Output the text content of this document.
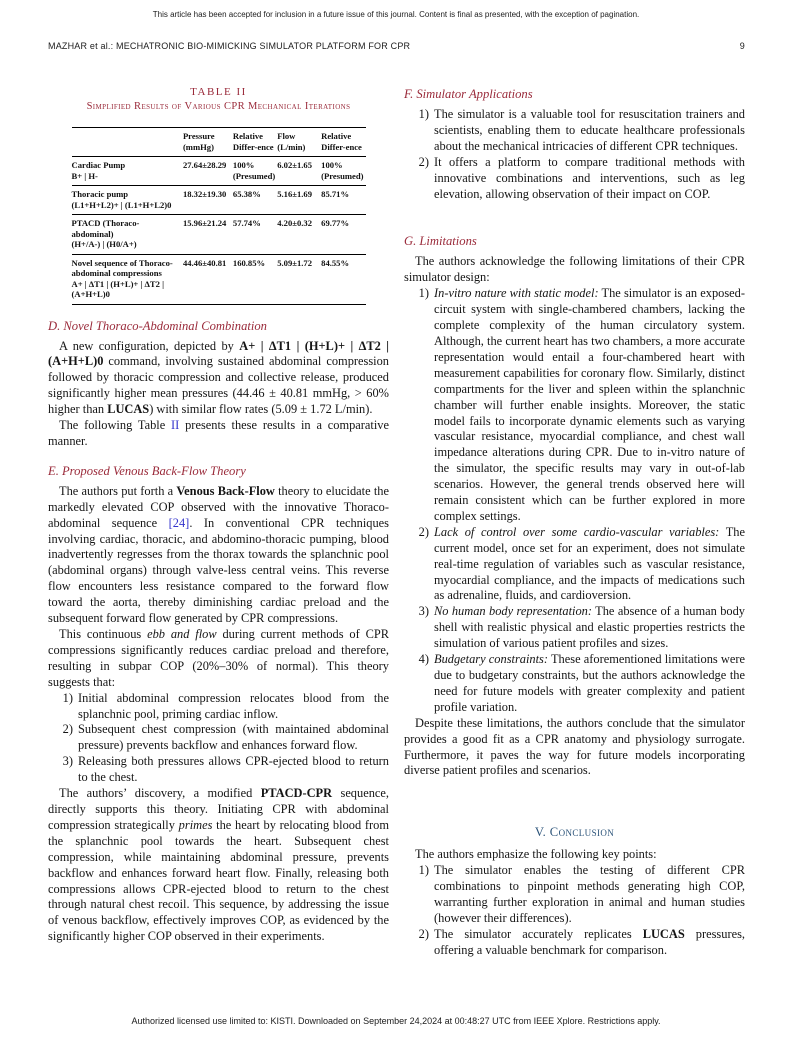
This article has been accepted for inclusion in a future issue of this journal. Content is final as presented, with the exception of pagination.
MAZHAR et al.: MECHATRONIC BIO-MIMICKING SIMULATOR PLATFORM FOR CPR	9
TABLE II
Simplified Results of Various CPR Mechanical Iterations
	Pressure (mmHg)	Relative Differ-ence	Flow (L/min)	Relative Differ-ence

Cardiac Pump
B+ | H-	27.64±28.29	100% (Presumed)	6.02±1.65	100% (Presumed)

Thoracic pump
(L1+H+L2)+ | (L1+H+L2)0	18.32±19.30	65.38%	5.16±1.69	85.71%

PTACD (Thoraco-abdominal)
(H+/A-) | (H0/A+)	15.96±21.24	57.74%	4.20±0.32	69.77%

Novel sequence of Thoraco-abdominal compressions
A+ | ΔT1 | (H+L)+ | ΔT2 | (A+H+L)0	44.46±40.81	160.85%	5.09±1.72	84.55%
D. Novel Thoraco-Abdominal Combination

A new configuration, depicted by A+ | ΔT1 | (H+L)+ | ΔT2 | (A+H+L)0 command, involving sustained abdominal compression followed by thoracic compression and collective release, produced significantly higher mean pressures (44.46 ± 40.81 mmHg, > 60% higher than LUCAS) with similar flow rates (5.09 ± 1.72 L/min).

The following Table II presents these results in a comparative manner.

E. Proposed Venous Back-Flow Theory

The authors put forth a Venous Back-Flow theory to elucidate the markedly elevated COP observed with the innovative Thoraco-abdominal sequence [24]. In conventional CPR techniques involving cardiac, thoracic, and abdomino-thoracic pumping, blood inadvertently regresses from the thorax towards the splanchnic pool (abdominal organs) through valve-less central veins. This reverse flow encounters less resistance compared to the forward flow toward the aorta, thereby diminishing cardiac preload and the subsequent forward flow generated by CPR compressions.

This continuous ebb and flow during current methods of CPR compressions significantly reduces cardiac preload and therefore, resulting in subpar COP (20%–30% of normal). This theory suggests that:

1) Initial abdominal compression relocates blood from the splanchnic pool, priming cardiac inflow.
2) Subsequent chest compression (with maintained abdominal pressure) prevents backflow and enhances forward flow.
3) Releasing both pressures allows CPR-ejected blood to return to the chest.

The authors’ discovery, a modified PTACD-CPR sequence, directly supports this theory. Initiating CPR with abdominal compression strategically primes the heart by relocating blood from the splanchnic pool towards the heart. Subsequent chest compression, while maintaining abdominal pressure, prevents backflow and enhances forward heart flow. Finally, releasing both compressions allows CPR-ejected blood to return to the chest through natural chest recoil. This sequence, by addressing the issue of venous backflow, effectively improves COP, as evidenced by the significantly higher COP observed in their experiments.

F. Simulator Applications
1) The simulator is a valuable tool for resuscitation trainers and scientists, enabling them to educate healthcare professionals about the mechanical intricacies of different CPR techniques.
2) It offers a platform to compare traditional methods with innovative combinations and interventions, such as leg elevation, allowing observation of their impact on COP.
G. Limitations

The authors acknowledge the following limitations of their CPR simulator design:

1) In-vitro nature with static model: The simulator is an exposed-circuit system with single-chambered chambers, lacking the complete complexity of the human circulatory system. Although, the current heart has two chambers, a more accurate representation would entail a four-chambered heart with measurement capabilities for coronary flow. Similarly, distinct compartments for the liver and spleen within the splanchnic chamber will further enable insights. Moreover, the static model fails to incorporate dynamic elements such as varying vascular resistance, myocardial compliance, and chest wall impedance alterations during CPR. Due to in-vitro nature of the simulator, the specific results may vary in out-of-lab scenarios. However, the general trends observed here will remain consistent which can be further explored in more complex settings.
2) Lack of control over some cardio-vascular variables: The current model, once set for an experiment, does not simulate real-time regulation of variables such as vascular resistance, myocardial compliance, and the impacts of medications such as adrenaline, fluids, and cardioversion.
3) No human body representation: The absence of a human body shell with realistic physical and elastic properties restricts the simulation of various patient profiles and sizes.
4) Budgetary constraints: These aforementioned limitations were due to budgetary constraints, but the authors acknowledge the need for future models with greater complexity and patient profile variation.

Despite these limitations, the authors conclude that the simulator provides a good fit as a CPR anatomy and physiology surrogate. Furthermore, it paves the way for future models incorporating diverse patient profiles and scenarios.

V. Conclusion

The authors emphasize the following key points:

1) The simulator enables the testing of different CPR combinations to pinpoint methods generating high COP, warranting further exploration in animal and human studies (however their differences).
2) The simulator accurately replicates LUCAS pressures, offering a valuable benchmark for comparison.
Authorized licensed use limited to: KISTI. Downloaded on September 24,2024 at 00:48:27 UTC from IEEE Xplore. Restrictions apply.
